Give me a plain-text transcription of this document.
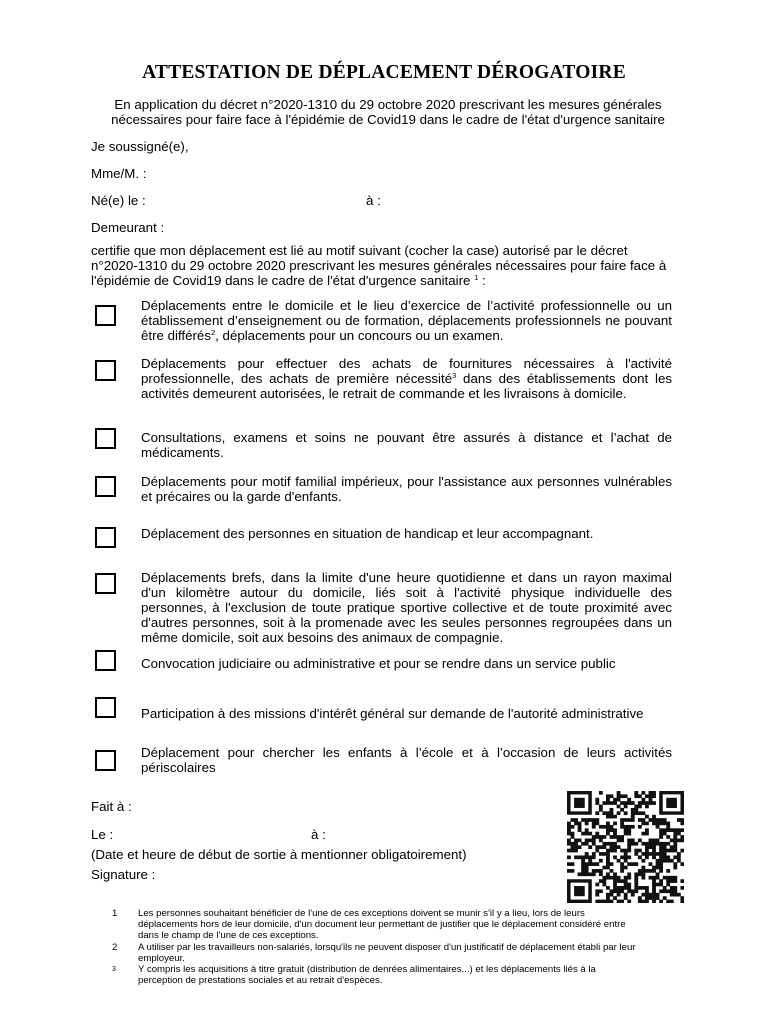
ATTESTATION DE DÉPLACEMENT DÉROGATOIRE
En application du décret n°2020-1310 du 29 octobre 2020 prescrivant les mesures générales
nécessaires pour faire face à l'épidémie de Covid19 dans le cadre de l'état d'urgence sanitaire
Je soussigné(e),
Mme/M. :
Né(e) le :	à :
Demeurant :
certifie que mon déplacement est lié au motif suivant (cocher la case) autorisé par le décret
n°2020-1310 du 29 octobre 2020 prescrivant les mesures générales nécessaires pour faire face à
l'épidémie de Covid19 dans le cadre de l'état d'urgence sanitaire $^1$ :
Déplacements entre le domicile et le lieu d’exercice de l’activité professionnelle ou un
établissement d’enseignement ou de formation, déplacements professionnels ne pouvant
être différés$^2$, déplacements pour un concours ou un examen.
Déplacements pour effectuer des achats de fournitures nécessaires à l'activité
professionnelle, des achats de première nécessité$^3$ dans des établissements dont les
activités demeurent autorisées, le retrait de commande et les livraisons à domicile.
Consultations, examens et soins ne pouvant être assurés à distance et l’achat de
médicaments.
Déplacements pour motif familial impérieux, pour l'assistance aux personnes vulnérables
et précaires ou la garde d'enfants.
Déplacement des personnes en situation de handicap et leur accompagnant.
Déplacements brefs, dans la limite d'une heure quotidienne et dans un rayon maximal
d'un kilomètre autour du domicile, liés soit à l'activité physique individuelle des
personnes, à l'exclusion de toute pratique sportive collective et de toute proximité avec
d'autres personnes, soit à la promenade avec les seules personnes regroupées dans un
même domicile, soit aux besoins des animaux de compagnie.
Convocation judiciaire ou administrative et pour se rendre dans un service public
Participation à des missions d'intérêt général sur demande de l'autorité administrative
Déplacement pour chercher les enfants à l’école et à l’occasion de leurs activités
périscolaires
Fait à :
Le :	à :
(Date et heure de début de sortie à mentionner obligatoirement)
Signature :
1 Les personnes souhaitant bénéficier de l'une de ces exceptions doivent se munir s'il y a lieu, lors de leurs
déplacements hors de leur domicile, d'un document leur permettant de justifier que le déplacement considéré entre
dans le champ de l'une de ces exceptions.
2 A utiliser par les travailleurs non-salariés, lorsqu'ils ne peuvent disposer d'un justificatif de déplacement établi par leur
employeur.
3 Y compris les acquisitions à titre gratuit (distribution de denrées alimentaires...) et les déplacements liés à la
perception de prestations sociales et au retrait d'espèces.
